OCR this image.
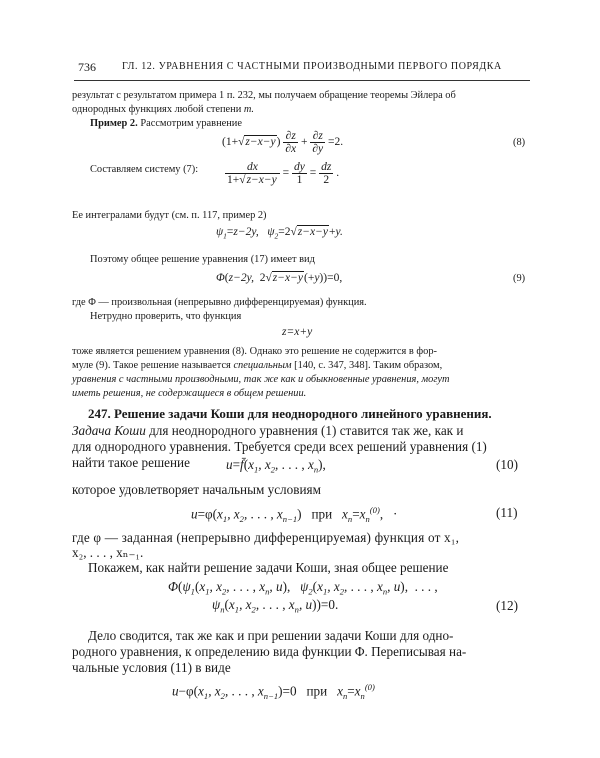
736	ГЛ. 12. УРАВНЕНИЯ С ЧАСТНЫМИ ПРОИЗВОДНЫМИ ПЕРВОГО ПОРЯДКА
результат с результатом примера 1 п. 232, мы получаем обращение теоремы Эйлера об
однородных функциях любой степени m.
Пример 2. Рассмотрим уравнение
$(1+√z-x-y) \frac{\partial z}{\partial x} + \frac{\partial z}{\partial y} =2$.	(8)
Составляем систему (7): $\frac{dx}{1+√z-x-y} = \frac{dy}{1} = \frac{dz}{2}$ .
Ее интегралами будут (см. п. 117, пример 2)
$\psi_1=z-2y$,   $\psi_2=2√z-x-y+y$.
Поэтому общее решение уравнения (17) имеет вид
Φ(z−2y,  2√z−x−y(+y))=0,	(9)
где Φ — произвольная (непрерывно дифференцируемая) функция.
Нетрудно проверить, что функция
z=x+y
тоже является решением уравнения (8). Однако это решение не содержится в фор-
муле (9). Такое решение называется специальным [140, с. 347, 348]. Таким образом,
уравнения с частными производными, так же как и обыкновенные уравнения, могут
иметь решения, не содержащиеся в общем решении.
247. Решение задачи Коши для неоднородного линейного уравнения.
Задача Коши для неоднородного уравнения (1) ставится так же, как и
для однородного уравнения. Требуется среди всех решений уравнения (1)
найти такое решение	$u=f̄(x_1$, $x_2$, . . . , $x_n$),	(10)
которое удовлетворяет начальным условиям
$u=\varphi(x_1$, $x_2$, . . . , $x_{n-1}$)   при   $x_n=x_n^{(0)}$,   ·	(11)
где φ — заданная (непрерывно дифференцируемая) функция от x₁,
x₂, . . . , xₙ₋₁.
Покажем, как найти решение задачи Коши, зная общее решение
$\Phi(\psi_1(x_1$, $x_2$, . . . , $x_n$, u),   $\psi_2(x_1$, $x_2$, . . . , $x_n$, u),  . . . ,
$\psi_n(x_1$, $x_2$, . . . , $x_n$, u))=0.	(12)
Дело сводится, так же как и при решении задачи Коши для одно-
родного уравнения, к определению вида функции Φ. Переписывая на-
чальные условия (11) в виде
$u-\varphi(x_1$, $x_2$, . . . , $x_{n-1})=0$   при   $x_n=x_n^{(0)}$
